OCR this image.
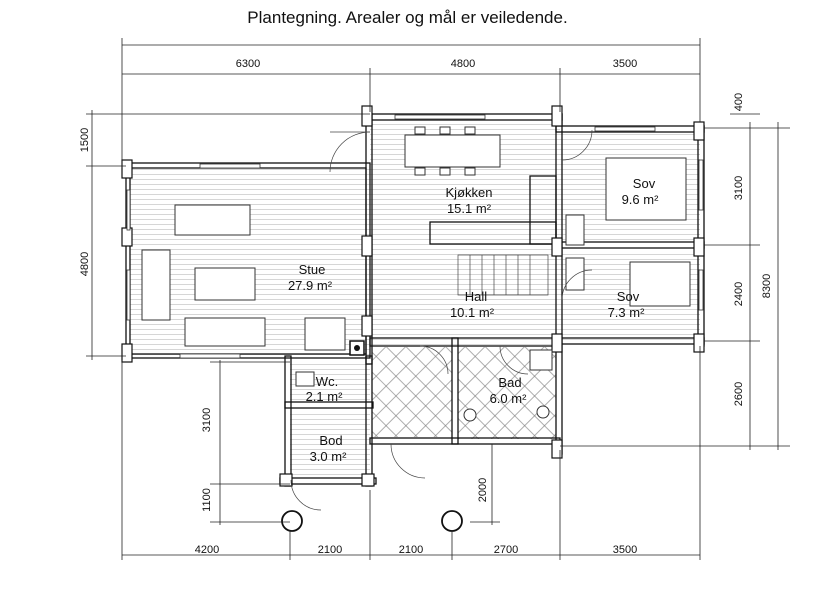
Plantegning. Arealer og mål er veiledende.
6300	4800	3500
400
1500
4800
3100
2400
2600
8300
4200	2100	2100	2700	3500
3100
1100	2000
Kjøkken
15.1 m²
Sov
9.6 m²
Stue
27.9 m²
Hall
10.1 m²
Sov
7.3 m²
Wc.
2.1 m²
Bad
6.0 m²
Bod
3.0 m²
